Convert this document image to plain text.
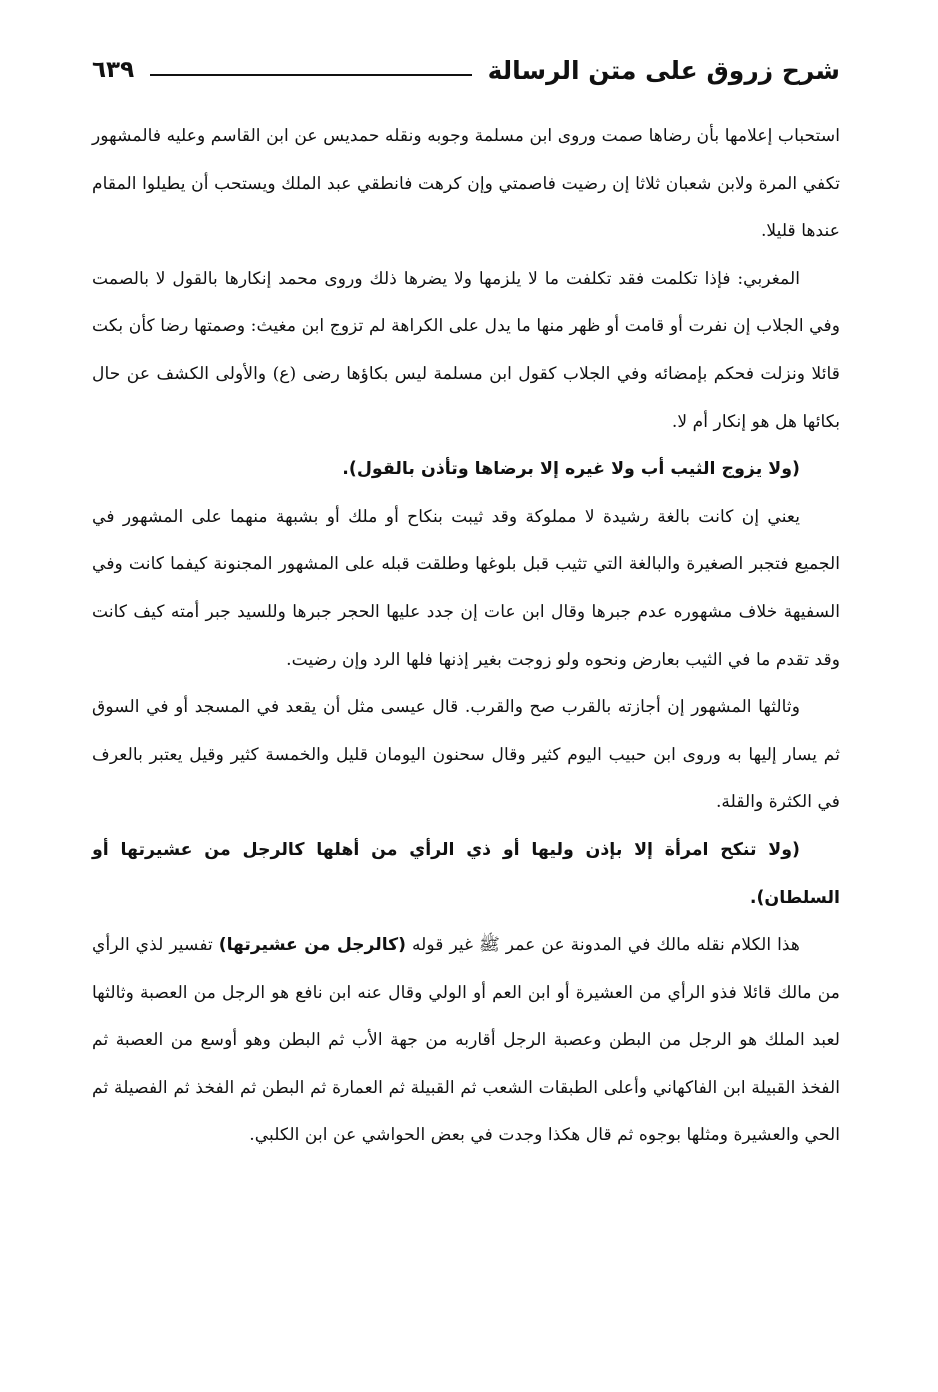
شرح زروق على متن الرسالة
٦٣٩

استحباب إعلامها بأن رضاها صمت وروى ابن مسلمة وجوبه ونقله حمديس عن ابن القاسم وعليه فالمشهور تكفي المرة ولابن شعبان ثلاثا إن رضيت فاصمتي وإن كرهت فانطقي عبد الملك ويستحب أن يطيلوا المقام عندها قليلا.

المغربي: فإذا تكلمت فقد تكلفت ما لا يلزمها ولا يضرها ذلك وروى محمد إنكارها بالقول لا بالصمت وفي الجلاب إن نفرت أو قامت أو ظهر منها ما يدل على الكراهة لم تزوج ابن مغيث: وصمتها رضا كأن بكت قائلا ونزلت فحكم بإمضائه وفي الجلاب كقول ابن مسلمة ليس بكاؤها رضى (ع) والأولى الكشف عن حال بكائها هل هو إنكار أم لا.

(ولا يزوج الثيب أب ولا غيره إلا برضاها وتأذن بالقول).

يعني إن كانت بالغة رشيدة لا مملوكة وقد ثيبت بنكاح أو ملك أو بشبهة منهما على المشهور في الجميع فتجبر الصغيرة والبالغة التي تثيب قبل بلوغها وطلقت قبله على المشهور المجنونة كيفما كانت وفي السفيهة خلاف مشهوره عدم جبرها وقال ابن عات إن جدد عليها الحجر جبرها وللسيد جبر أمته كيف كانت وقد تقدم ما في الثيب بعارض ونحوه ولو زوجت بغير إذنها فلها الرد وإن رضيت.

وثالثها المشهور إن أجازته بالقرب صح والقرب. قال عيسى مثل أن يقعد في المسجد أو في السوق ثم يسار إليها به وروى ابن حبيب اليوم كثير وقال سحنون اليومان قليل والخمسة كثير وقيل يعتبر بالعرف في الكثرة والقلة.

(ولا تنكح امرأة إلا بإذن وليها أو ذي الرأي من أهلها كالرجل من عشيرتها أو السلطان).

هذا الكلام نقله مالك في المدونة عن عمر ﷺ غير قوله (كالرجل من عشيرتها) تفسير لذي الرأي من مالك قائلا فذو الرأي من العشيرة أو ابن العم أو الولي وقال عنه ابن نافع هو الرجل من العصبة وثالثها لعبد الملك هو الرجل من البطن وعصبة الرجل أقاربه من جهة الأب ثم البطن وهو أوسع من العصبة ثم الفخذ القبيلة ابن الفاكهاني وأعلى الطبقات الشعب ثم القبيلة ثم العمارة ثم البطن ثم الفخذ ثم الفصيلة ثم الحي والعشيرة ومثلها بوجوه ثم قال هكذا وجدت في بعض الحواشي عن ابن الكلبي.
